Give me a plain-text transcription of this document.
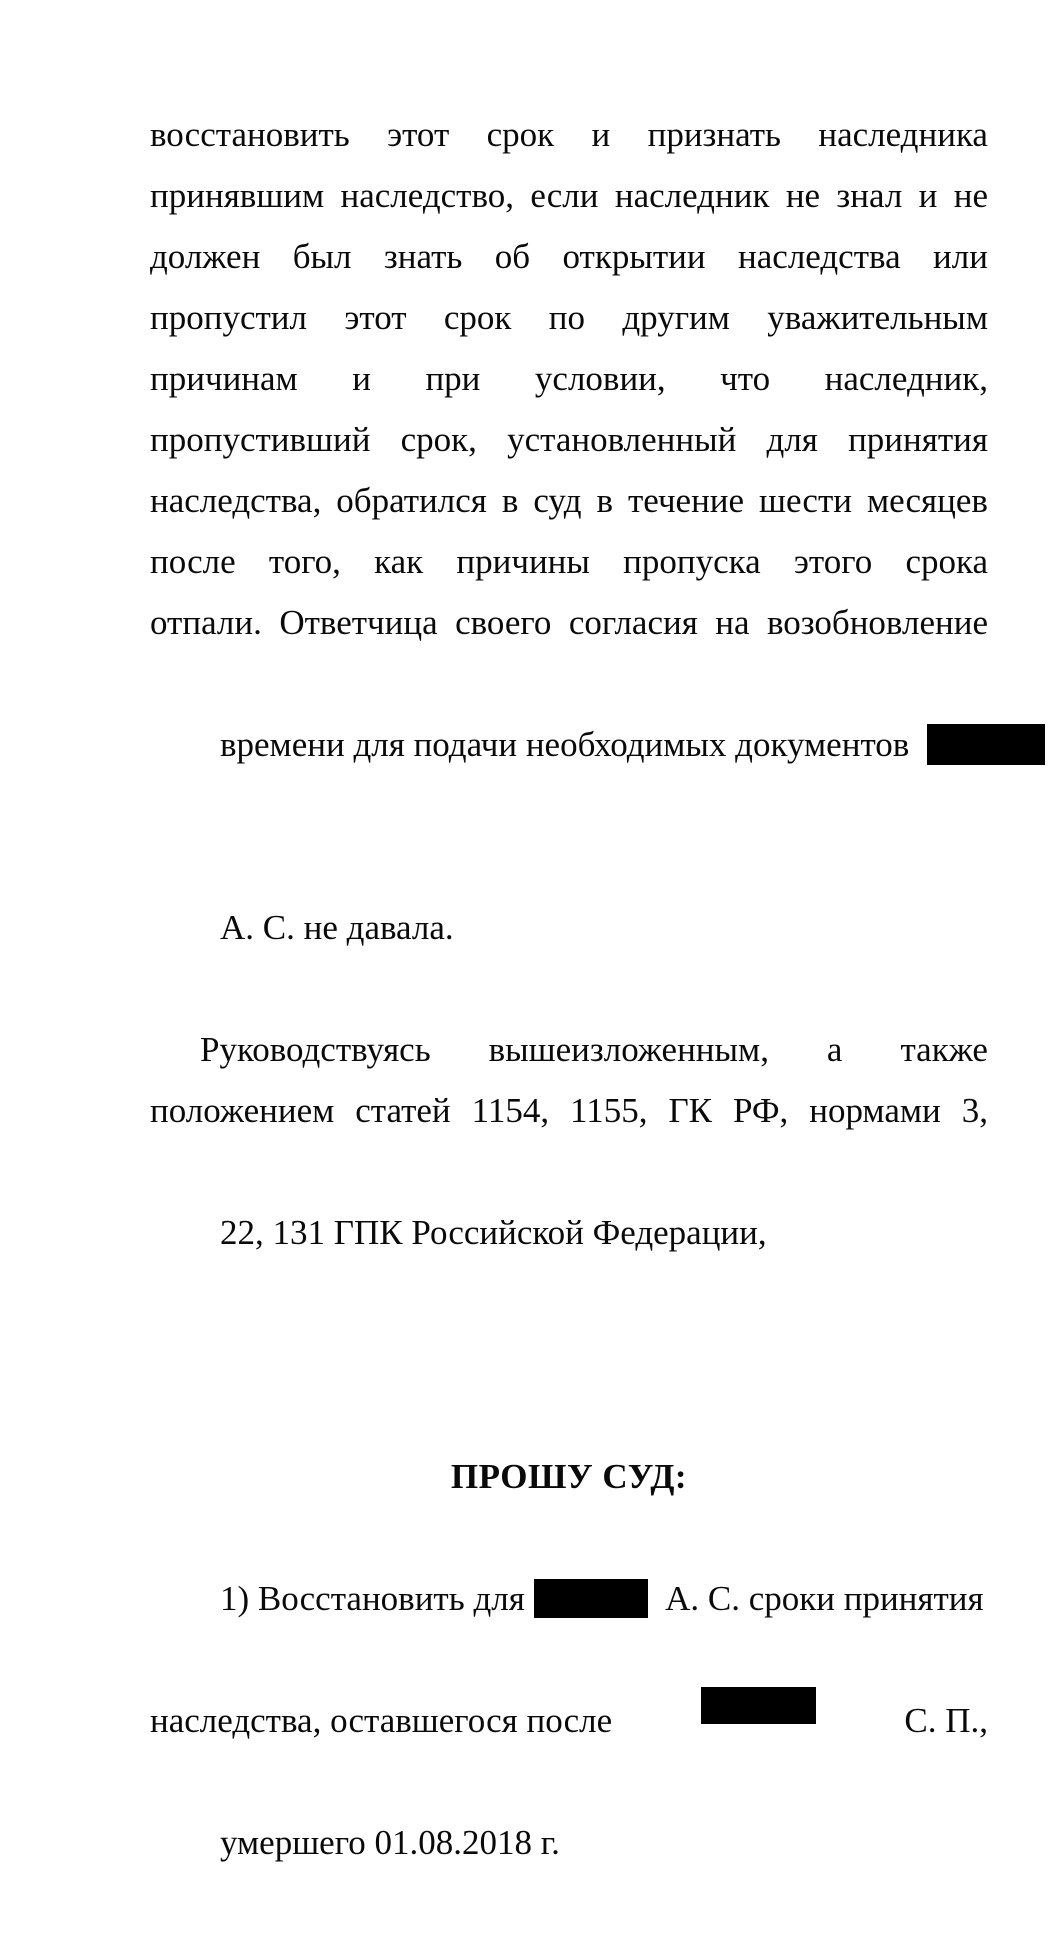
восстановить этот срок и признать наследника
принявшим наследство, если наследник не знал и не
должен был знать об открытии наследства или
пропустил этот срок по другим уважительным
причинам и при условии, что наследник,
пропустивший срок, установленный для принятия
наследства, обратился в суд в течение шести месяцев
после того, как причины пропуска этого срока
отпали. Ответчица своего согласия на возобновление

времени для подачи необходимых документов

А. С. не давала.

Руководствуясь вышеизложенным, а также
положением статей 1154, 1155, ГК РФ, нормами 3,

22, 131 ГПК Российской Федерации,

ПРОШУ СУД:

1) Восстановить для	А. С. сроки принятия

наследства, оставшегося после	С. П.,

умершего 01.08.2018 г.
